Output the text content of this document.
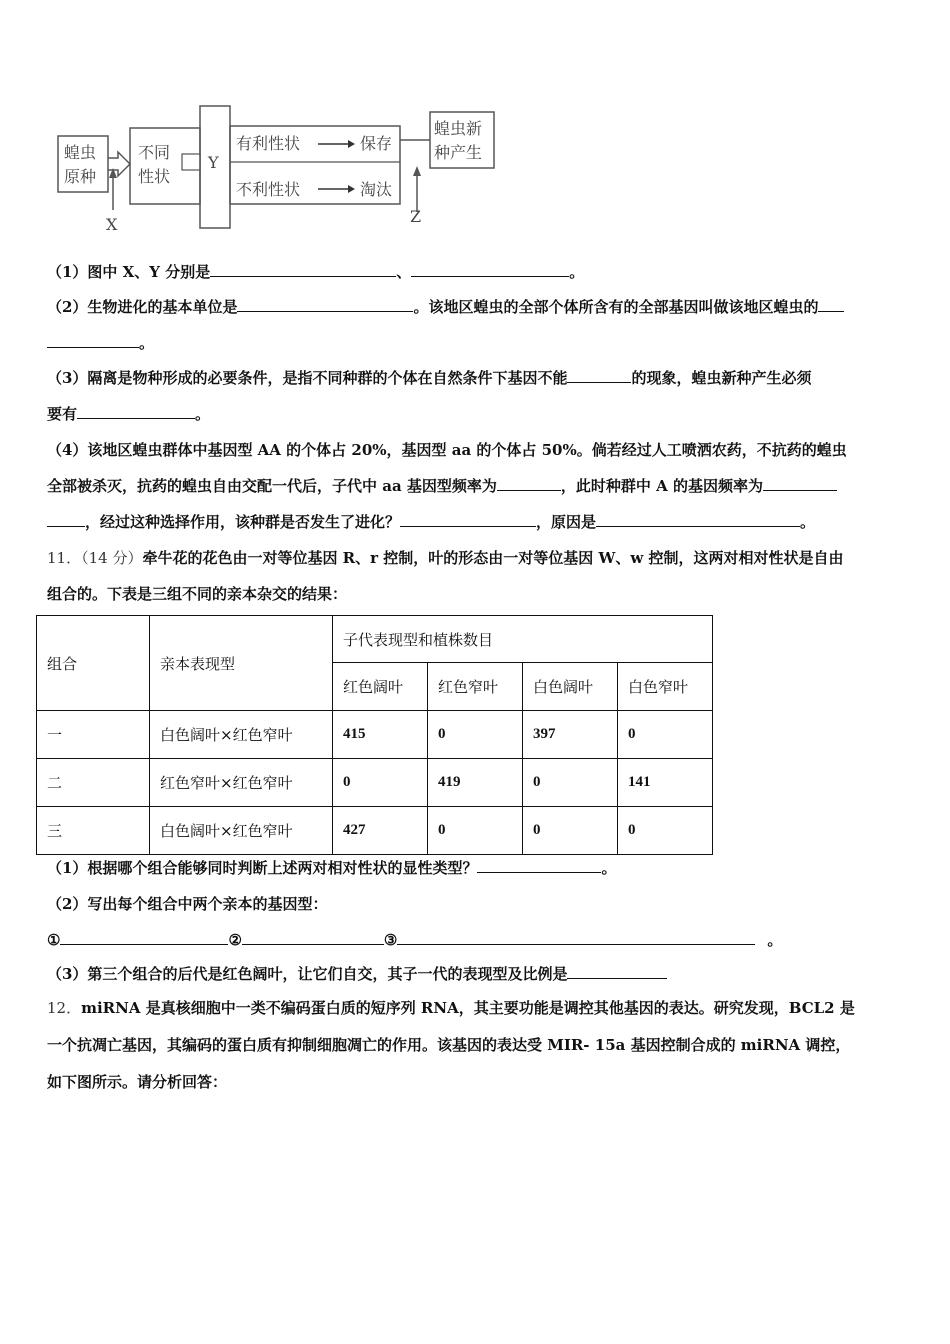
蝗虫
原种
不同
性状
Y
有利性状	保存
不利性状	淘汰
蝗虫新
种产生
X	Z
（1）图中 X、Y 分别是	、	。
（2）生物进化的基本单位是	。该地区蝗虫的全部个体所含有的全部基因叫做该地区蝗虫的
。
（3）隔离是物种形成的必要条件，是指不同种群的个体在自然条件下基因不能	的现象，蝗虫新种产生必须
要有	。
（4）该地区蝗虫群体中基因型 AA 的个体占 20%，基因型 aa 的个体占 50%。倘若经过人工喷洒农药，不抗药的蝗虫
全部被杀灭，抗药的蝗虫自由交配一代后，子代中 aa 基因型频率为	，此时种群中 A 的基因频率为
，经过这种选择作用，该种群是否发生了进化？	，原因是	。
11．（14 分）牵牛花的花色由一对等位基因 R、r 控制，叶的形态由一对等位基因 W、w 控制，这两对相对性状是自由
组合的。下表是三组不同的亲本杂交的结果：
组合	亲本表现型	子代表现型和植株数目			
		红色阔叶	红色窄叶	白色阔叶	白色窄叶
一	白色阔叶×红色窄叶	415	0	397	0
二	红色窄叶×红色窄叶	0	419	0	141
三	白色阔叶×红色窄叶	427	0	0	0
（1）根据哪个组合能够同时判断上述两对相对性状的显性类型？	。
（2）写出每个组合中两个亲本的基因型：
①	②	③	。
（3）第三个组合的后代是红色阔叶，让它们自交，其子一代的表现型及比例是
12．miRNA 是真核细胞中一类不编码蛋白质的短序列 RNA，其主要功能是调控其他基因的表达。研究发现，BCL2 是
一个抗凋亡基因，其编码的蛋白质有抑制细胞凋亡的作用。该基因的表达受 MIR- 15a 基因控制合成的 miRNA 调控，
如下图所示。请分析回答：
